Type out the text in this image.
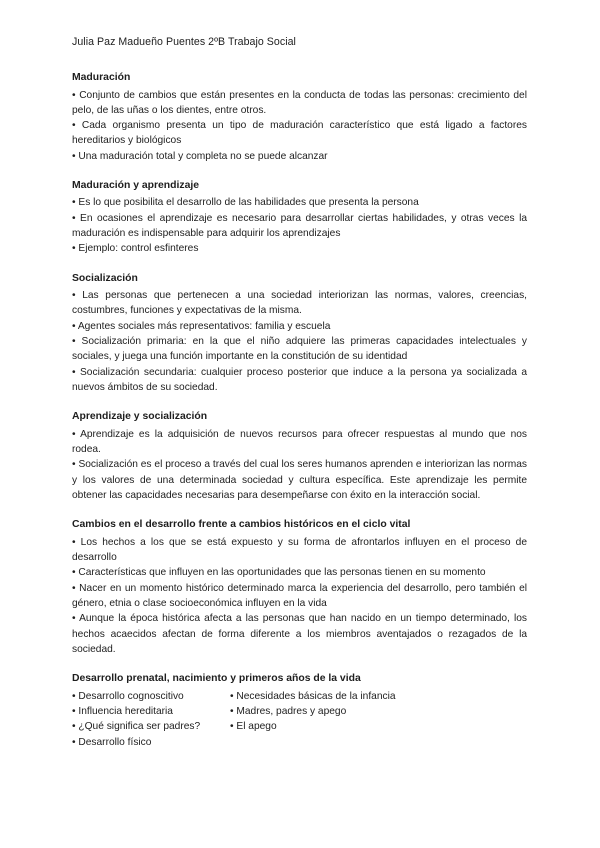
Julia Paz Madueño Puentes 2ºB Trabajo Social
Maduración

• Conjunto de cambios que están presentes en la conducta de todas las personas: crecimiento del pelo, de las uñas o los dientes, entre otros.

• Cada organismo presenta un tipo de maduración característico que está ligado a factores hereditarios y biológicos

• Una maduración total y completa no se puede alcanzar

Maduración y aprendizaje

• Es lo que posibilita el desarrollo de las habilidades que presenta la persona

• En ocasiones el aprendizaje es necesario para desarrollar ciertas habilidades, y otras veces la maduración es indispensable para adquirir los aprendizajes

• Ejemplo: control esfinteres

Socialización

• Las personas que pertenecen a una sociedad interiorizan las normas, valores, creencias, costumbres, funciones y expectativas de la misma.

• Agentes sociales más representativos: familia y escuela

• Socialización primaria: en la que el niño adquiere las primeras capacidades intelectuales y sociales, y juega una función importante en la constitución de su identidad

• Socialización secundaria: cualquier proceso posterior que induce a la persona ya socializada a nuevos ámbitos de su sociedad.

Aprendizaje y socialización

• Aprendizaje es la adquisición de nuevos recursos para ofrecer respuestas al mundo que nos rodea.

• Socialización es el proceso a través del cual los seres humanos aprenden e interiorizan las normas y los valores de una determinada sociedad y cultura específica. Este aprendizaje les permite obtener las capacidades necesarias para desempeñarse con éxito en la interacción social.

Cambios en el desarrollo frente a cambios históricos en el ciclo vital

• Los hechos a los que se está expuesto y su forma de afrontarlos influyen en el proceso de desarrollo

• Características que influyen en las oportunidades que las personas tienen en su momento

• Nacer en un momento histórico determinado marca la experiencia del desarrollo, pero también el género, etnia o clase socioeconómica influyen en la vida

• Aunque la época histórica afecta a las personas que han nacido en un tiempo determinado, los hechos acaecidos afectan de forma diferente a los miembros aventajados o rezagados de la sociedad.

Desarrollo prenatal, nacimiento y primeros años de la vida

• Desarrollo cognoscitivo

• Influencia hereditaria

• ¿Qué significa ser padres?

• Desarrollo físico

• Necesidades básicas de la infancia

• Madres, padres y apego

• El apego
